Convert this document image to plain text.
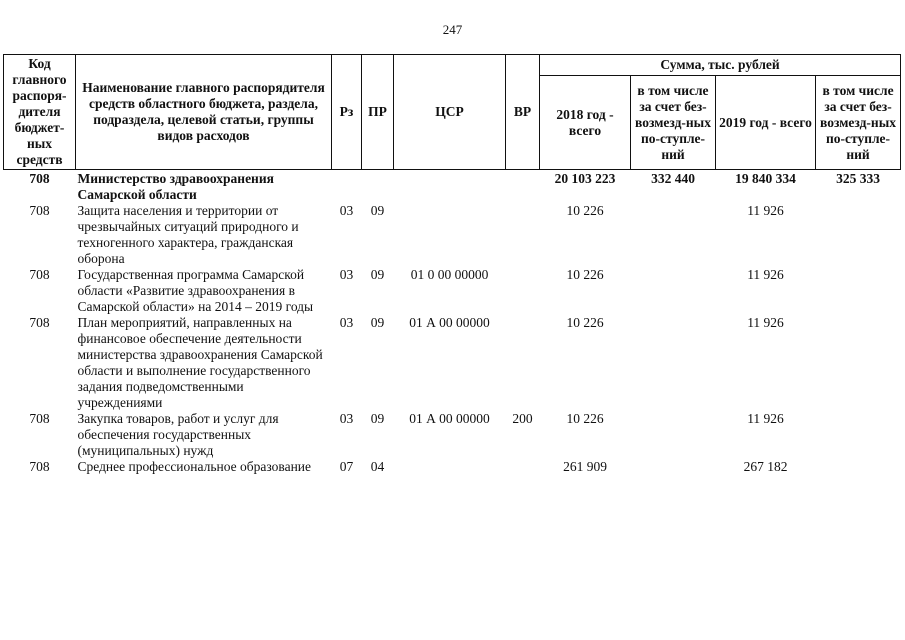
247
Код главного распоря-дителя бюджет-ных средств	Наименование главного распорядителя средств областного бюджета, раздела, подраздела, целевой статьи, группы видов расходов	Рз	ПР	ЦСР	ВР	Сумма, тыс. рублей			
						2018 год - всего	в том числе за счет без-возмезд-ных по-ступле-ний	2019 год - всего	в том числе за счет без-возмезд-ных по-ступле-ний
708	Министерство здравоохранения Самарской области					20 103 223	332 440	19 840 334	325 333
708	Защита населения и территории от чрезвычайных ситуаций природного и техногенного характера, гражданская оборона	03	09			10 226		11 926	
708	Государственная программа Самарской области «Развитие здравоохранения в Самарской области» на 2014 – 2019 годы	03	09	01 0 00 00000		10 226		11 926	
708	План мероприятий, направленных на финансовое обеспечение деятельности министерства здравоохранения Самарской области и выполнение государственного задания подведомственными учреждениями	03	09	01 А 00 00000		10 226		11 926	
708	Закупка товаров, работ и услуг для обеспечения государственных (муниципальных) нужд	03	09	01 А 00 00000	200	10 226		11 926	
708	Среднее профессиональное образование	07	04			261 909		267 182	
